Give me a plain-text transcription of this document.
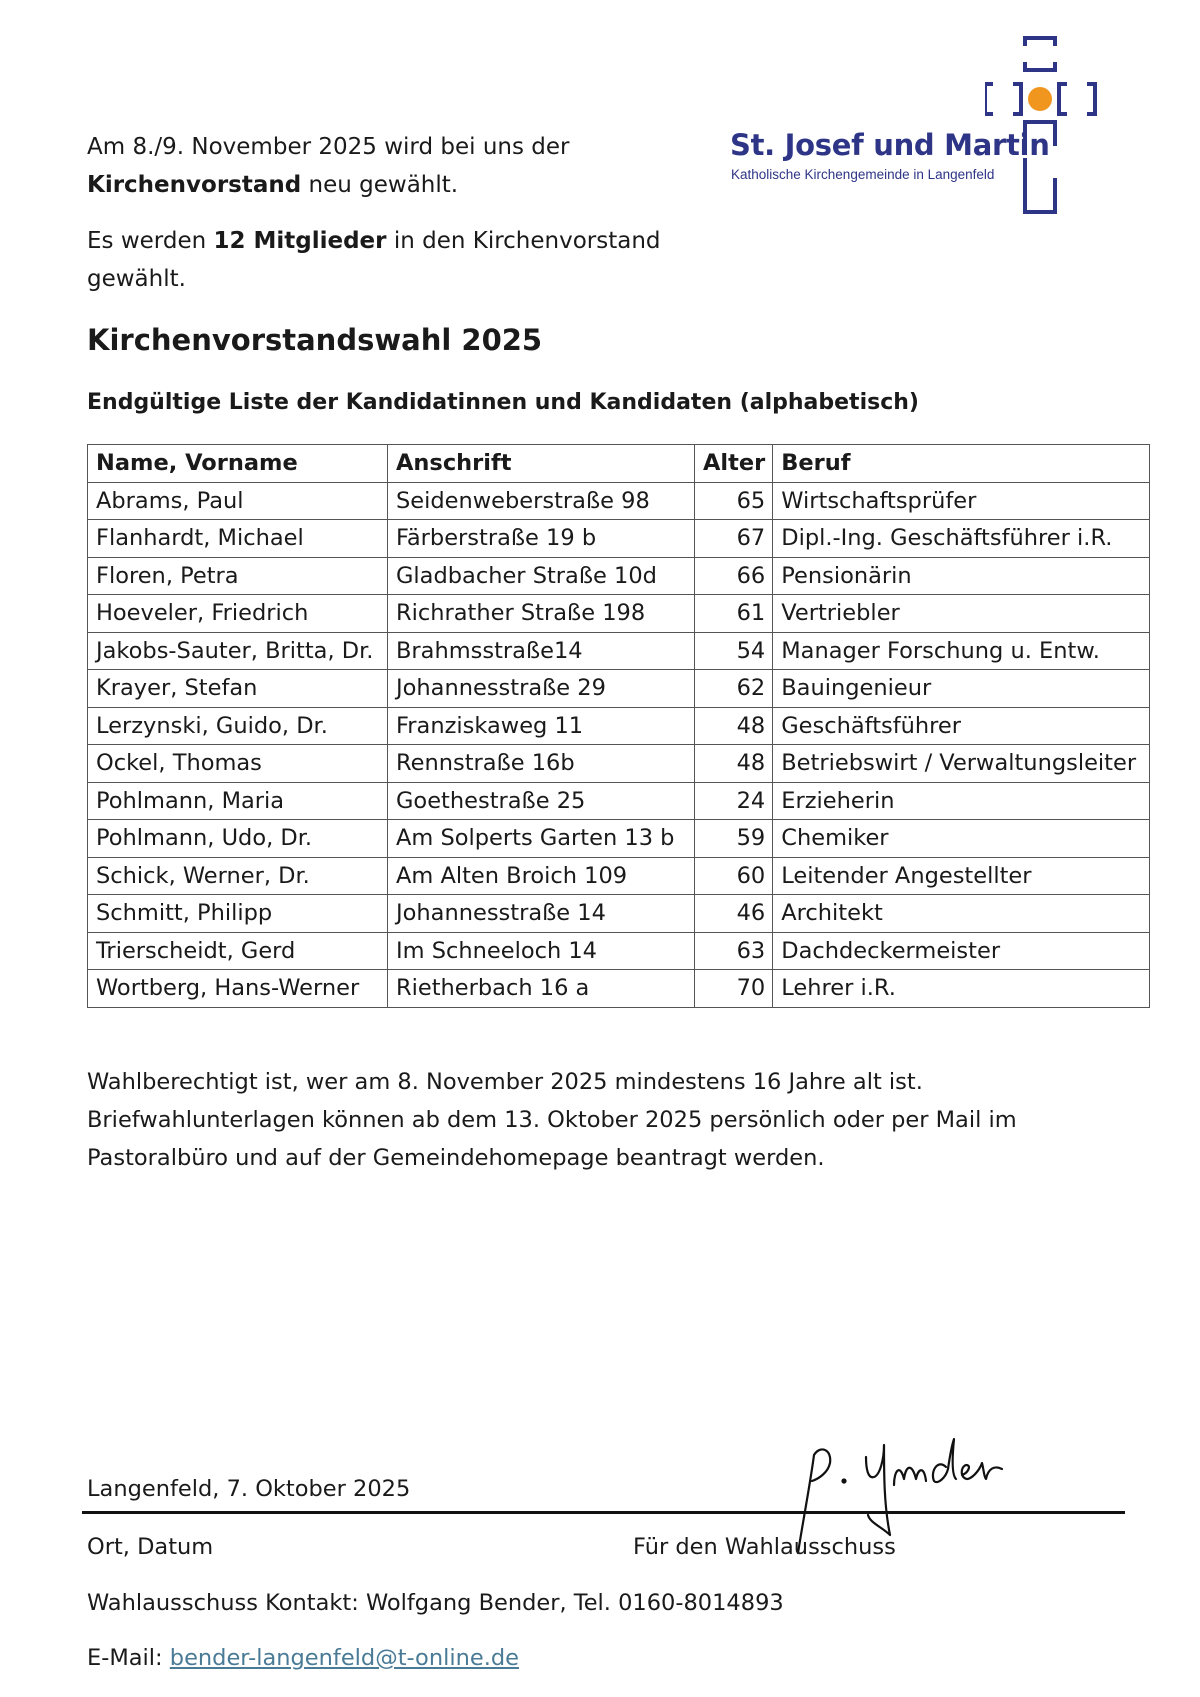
Am 8./9. November 2025 wird bei uns der Kirchenvorstand neu gewählt.

Es werden 12 Mitglieder in den Kirchenvorstand gewählt.

St. Josef und Martin
Katholische Kirchengemeinde in Langenfeld
Kirchenvorstandswahl 2025
Endgültige Liste der Kandidatinnen und Kandidaten (alphabetisch)
Name, Vorname	Anschrift	Alter	Beruf
Abrams, Paul	Seidenweberstraße 98	65	Wirtschaftsprüfer
Flanhardt, Michael	Färberstraße 19 b	67	Dipl.-Ing. Geschäftsführer i.R.
Floren, Petra	Gladbacher Straße 10d	66	Pensionärin
Hoeveler, Friedrich	Richrather Straße 198	61	Vertriebler
Jakobs-Sauter, Britta, Dr.	Brahmsstraße14	54	Manager Forschung u. Entw.
Krayer, Stefan	Johannesstraße 29	62	Bauingenieur
Lerzynski, Guido, Dr.	Franziskaweg 11	48	Geschäftsführer
Ockel, Thomas	Rennstraße 16b	48	Betriebswirt / Verwaltungsleiter
Pohlmann, Maria	Goethestraße 25	24	Erzieherin
Pohlmann, Udo, Dr.	Am Solperts Garten 13 b	59	Chemiker
Schick, Werner, Dr.	Am Alten Broich 109	60	Leitender Angestellter
Schmitt, Philipp	Johannesstraße 14	46	Architekt
Trierscheidt, Gerd	Im Schneeloch 14	63	Dachdeckermeister
Wortberg, Hans-Werner	Rietherbach 16 a	70	Lehrer i.R.
Wahlberechtigt ist, wer am 8. November 2025 mindestens 16 Jahre alt ist.
Briefwahlunterlagen können ab dem 13. Oktober 2025 persönlich oder per Mail im
Pastoralbüro und auf der Gemeindehomepage beantragt werden.
Langenfeld, 7. Oktober 2025
Ort, Datum	Für den Wahlausschuss
Wahlausschuss Kontakt: Wolfgang Bender, Tel. 0160-8014893
E-Mail: bender-langenfeld@t-online.de
